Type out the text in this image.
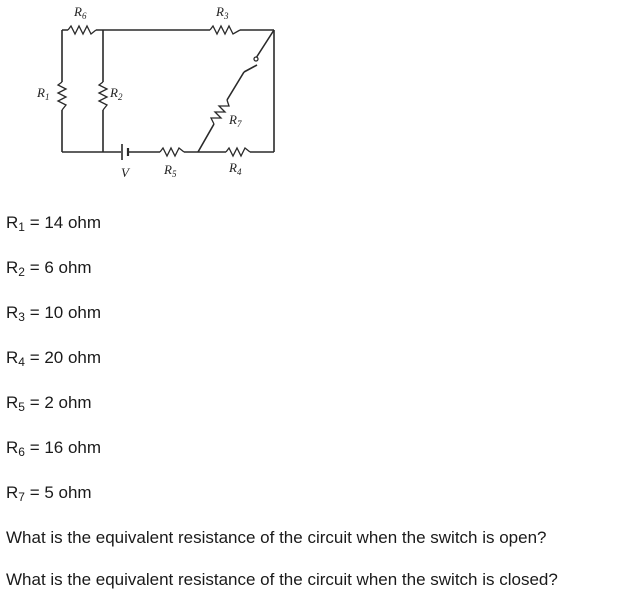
$R_6$	$R_3$
$R_1$	$R_2$
$R_7$
V	$R_5$	$R_4$
$R_1 = 14$ ohm
$R_2 = 6$ ohm
$R_3 = 10$ ohm
$R_4 = 20$ ohm
$R_5 = 2$ ohm
$R_6 = 16$ ohm
$R_7 = 5$ ohm
What is the equivalent resistance of the circuit when the switch is open?
What is the equivalent resistance of the circuit when the switch is closed?
